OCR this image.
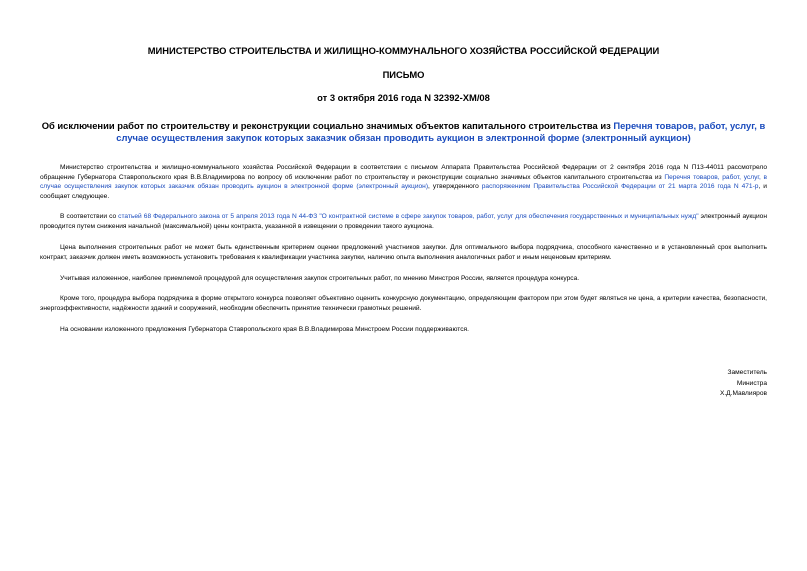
МИНИСТЕРСТВО СТРОИТЕЛЬСТВА И ЖИЛИЩНО-КОММУНАЛЬНОГО ХОЗЯЙСТВА РОССИЙСКОЙ ФЕДЕРАЦИИ
ПИСЬМО
от 3 октября 2016 года N 32392-ХМ/08
Об исключении работ по строительству и реконструкции социально значимых объектов капитального строительства из Перечня товаров, работ, услуг, в случае осуществления закупок которых заказчик обязан проводить аукцион в электронной форме (электронный аукцион)
Министерство строительства и жилищно-коммунального хозяйства Российской Федерации в соответствии с письмом Аппарата Правительства Российской Федерации от 2 сентября 2016 года N П13-44011 рассмотрело обращение Губернатора Ставропольского края В.В.Владимирова по вопросу об исключении работ по строительству и реконструкции социально значимых объектов капитального строительства из Перечня товаров, работ, услуг, в случае осуществления закупок которых заказчик обязан проводить аукцион в электронной форме (электронный аукцион), утвержденного распоряжением Правительства Российской Федерации от 21 марта 2016 года N 471-р, и сообщает следующее.
В соответствии со статьей 68 Федерального закона от 5 апреля 2013 года N 44-ФЗ "О контрактной системе в сфере закупок товаров, работ, услуг для обеспечения государственных и муниципальных нужд" электронный аукцион проводится путем снижения начальной (максимальной) цены контракта, указанной в извещении о проведении такого аукциона.
Цена выполнения строительных работ не может быть единственным критерием оценки предложений участников закупки. Для оптимального выбора подрядчика, способного качественно и в установленный срок выполнить контракт, заказчик должен иметь возможность установить требования к квалификации участника закупки, наличию опыта выполнения аналогичных работ и иным неценовым критериям.
Учитывая изложенное, наиболее приемлемой процедурой для осуществления закупок строительных работ, по мнению Минстроя России, является процедура конкурса.
Кроме того, процедура выбора подрядчика в форме открытого конкурса позволяет объективно оценить конкурсную документацию, определяющим фактором при этом будет являться не цена, а критерии качества, безопасности, энергоэффективности, надёжности зданий и сооружений, необходим обеспечить принятие технически грамотных решений.
На основании изложенного предложения Губернатора Ставропольского края В.В.Владимирова Минстроем России поддерживаются.
Заместитель
Министра
Х.Д.Мавлияров
